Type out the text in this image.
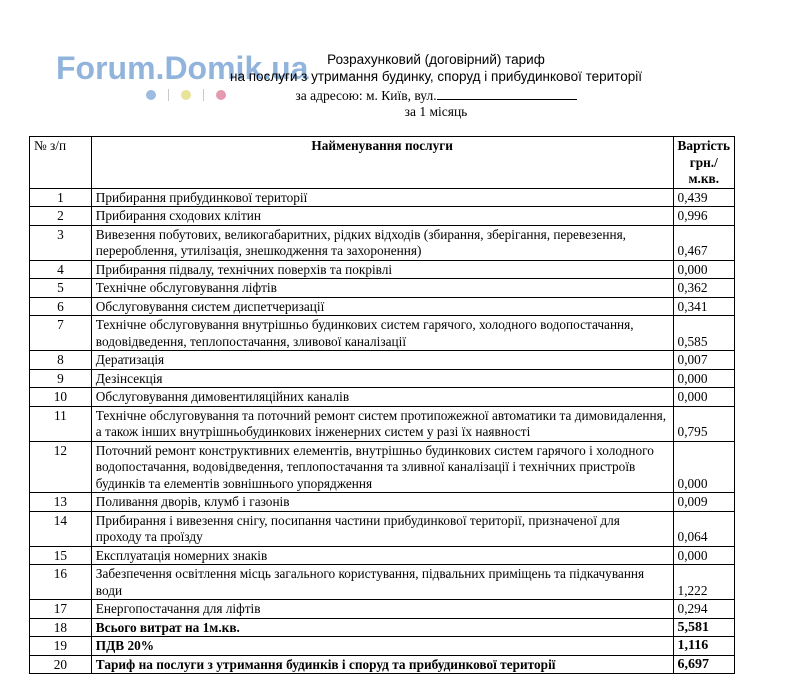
Forum.Domik.ua	Розрахунковий (договірний) тариф
на послуги з утримання будинку, споруд і прибудинкової території
за адресою: м. Київ, вул.
за 1 місяць
№ з/п	Найменування послуги	Вартість грн./м.кв.
1	Прибирання прибудинкової території	0,439
2	Прибирання сходових клітин	0,996
3	Вивезення побутових, великогабаритних, рідких відходів (збирання, зберігання, перевезення, перероблення, утилізація, знешкодження та захоронення)	0,467
4	Прибирання підвалу, технічних поверхів та покрівлі	0,000
5	Технічне обслуговування ліфтів	0,362
6	Обслуговування систем диспетчеризації	0,341
7	Технічне обслуговування внутрішньо будинкових систем гарячого, холодного водопостачання, водовідведення, теплопостачання, зливової каналізації	0,585
8	Дератизація	0,007
9	Дезінсекція	0,000
10	Обслуговування димовентиляційних каналів	0,000
11	Технічне обслуговування та поточний ремонт систем протипожежної автоматики та димовидалення, а також інших внутрішньобудинкових інженерних систем у разі їх наявності	0,795
12	Поточний ремонт конструктивних елементів, внутрішньо будинкових систем гарячого і холодного водопостачання, водовідведення, теплопостачання та зливної каналізації і технічних пристроїв будинків та елементів зовнішнього упорядження	0,000
13	Поливання дворів, клумб і газонів	0,009
14	Прибирання і вивезення снігу, посипання частини прибудинкової території, призначеної для проходу та проїзду	0,064
15	Експлуатація номерних знаків	0,000
16	Забезпечення освітлення місць загального користування, підвальних приміщень та підкачування води	1,222
17	Енергопостачання для ліфтів	0,294
18	Всього витрат на 1м.кв.	5,581
19	ПДВ 20%	1,116
20	Тариф на послуги з утримання будинків і споруд та прибудинкової території	6,697
